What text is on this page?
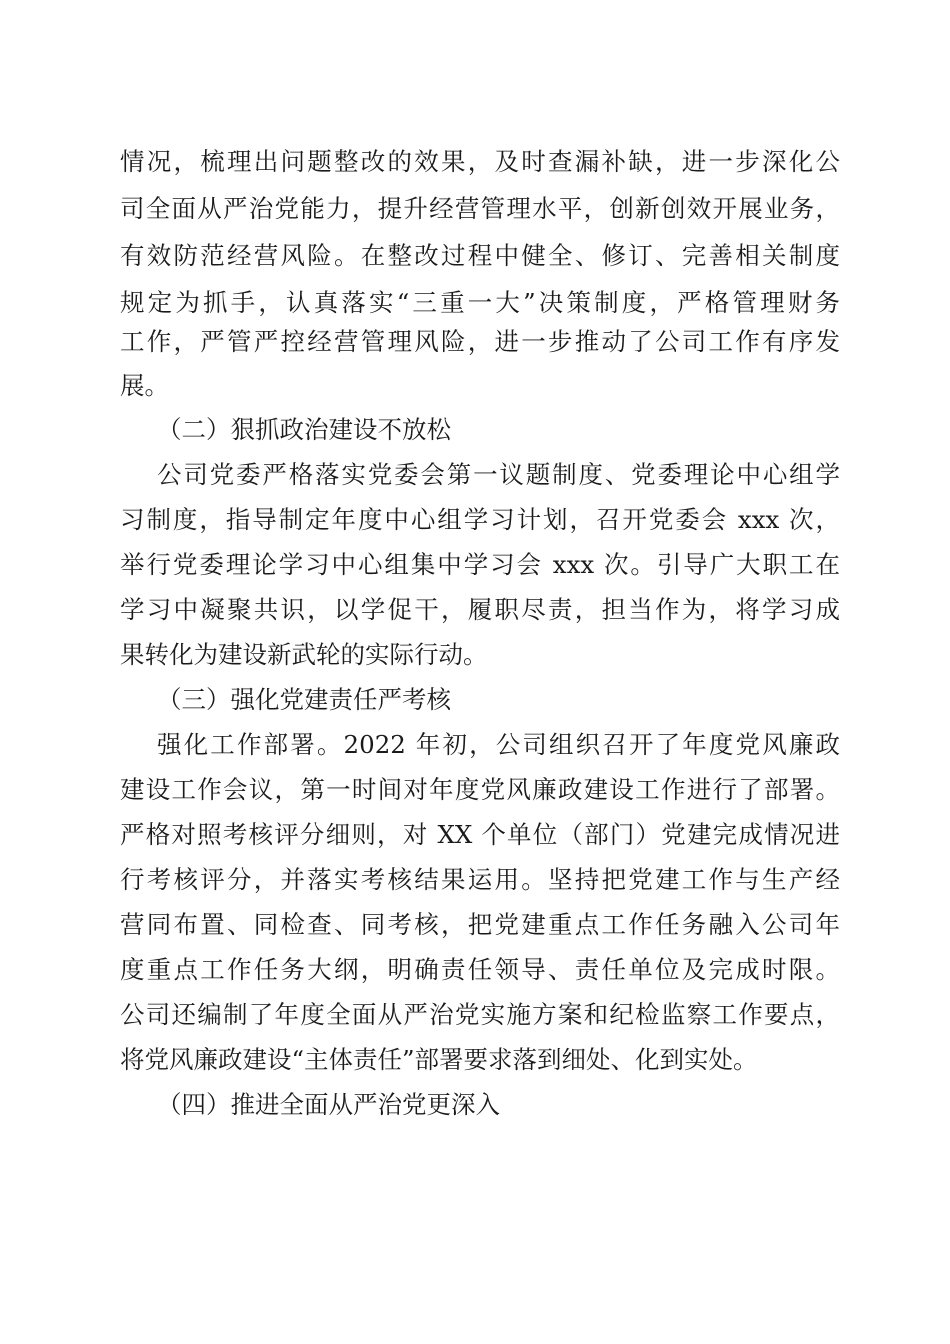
情况，梳理出问题整改的效果，及时查漏补缺，进一步深化公
司全面从严治党能力，提升经营管理水平，创新创效开展业务，
有效防范经营风险。在整改过程中健全、修订、完善相关制度
规定为抓手，认真落实“三重一大”决策制度，严格管理财务
工作，严管严控经营管理风险，进一步推动了公司工作有序发
展。
（二）狠抓政治建设不放松
公司党委严格落实党委会第一议题制度、党委理论中心组学
习制度，指导制定年度中心组学习计划，召开党委会 xxx 次，
举行党委理论学习中心组集中学习会 xxx 次。引导广大职工在
学习中凝聚共识，以学促干，履职尽责，担当作为，将学习成
果转化为建设新武轮的实际行动。
（三）强化党建责任严考核
强化工作部署。2022 年初，公司组织召开了年度党风廉政
建设工作会议，第一时间对年度党风廉政建设工作进行了部署。
严格对照考核评分细则，对 XX 个单位（部门）党建完成情况进
行考核评分，并落实考核结果运用。坚持把党建工作与生产经
营同布置、同检查、同考核，把党建重点工作任务融入公司年
度重点工作任务大纲，明确责任领导、责任单位及完成时限。
公司还编制了年度全面从严治党实施方案和纪检监察工作要点，
将党风廉政建设“主体责任”部署要求落到细处、化到实处。
（四）推进全面从严治党更深入
